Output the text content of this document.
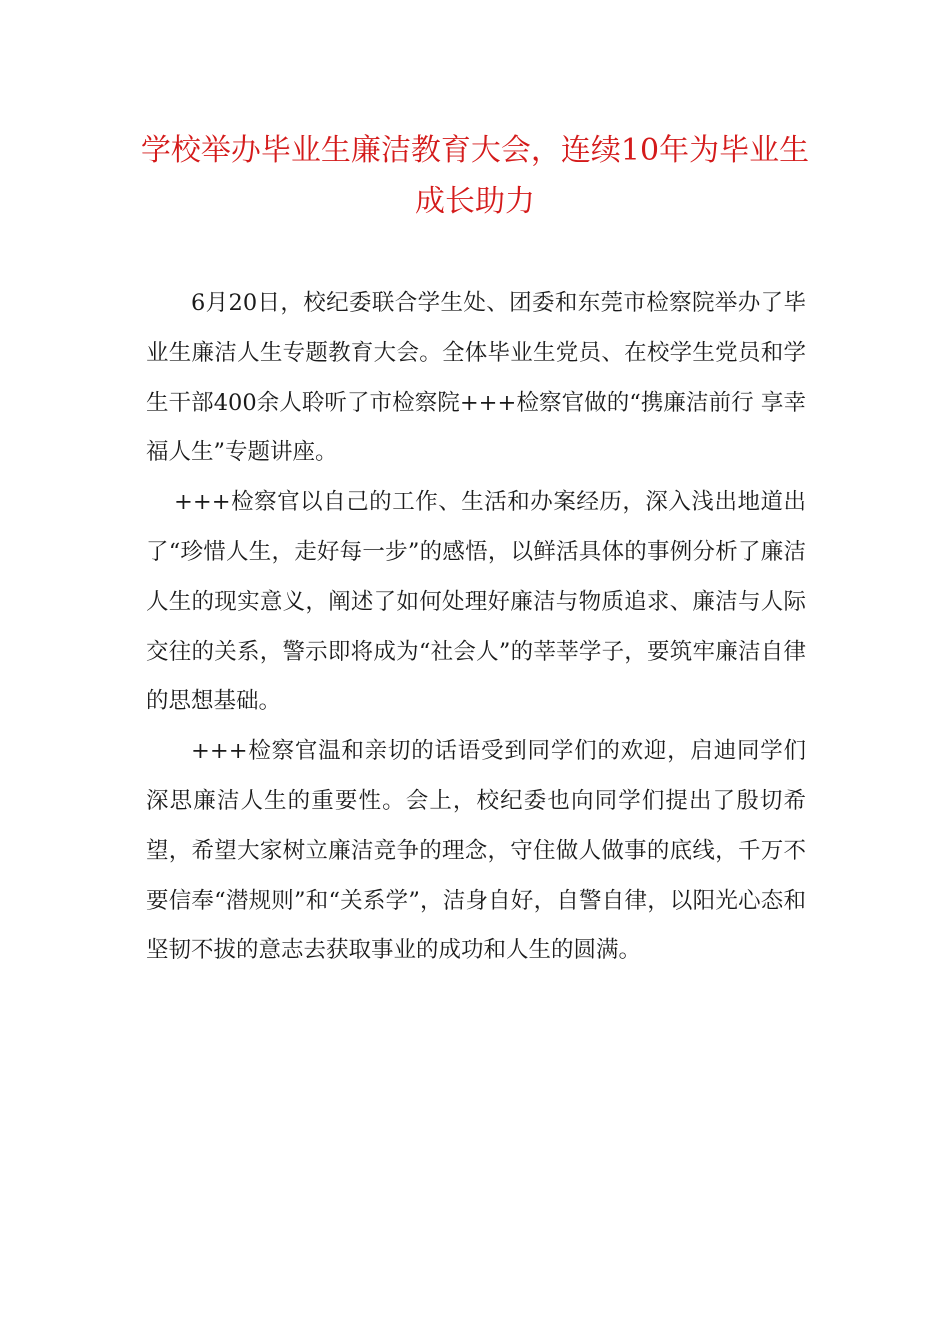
学校举办毕业生廉洁教育大会，连续10年为毕业生成长助力

6月20日，校纪委联合学生处、团委和东莞市检察院举办了毕业生廉洁人生专题教育大会。全体毕业生党员、在校学生党员和学生干部400余人聆听了市检察院+++检察官做的“携廉洁前行 享幸福人生”专题讲座。

+++检察官以自己的工作、生活和办案经历，深入浅出地道出了“珍惜人生，走好每一步”的感悟，以鲜活具体的事例分析了廉洁人生的现实意义，阐述了如何处理好廉洁与物质追求、廉洁与人际交往的关系，警示即将成为“社会人”的莘莘学子，要筑牢廉洁自律的思想基础。

+++检察官温和亲切的话语受到同学们的欢迎，启迪同学们深思廉洁人生的重要性。会上，校纪委也向同学们提出了殷切希望，希望大家树立廉洁竞争的理念，守住做人做事的底线，千万不要信奉“潜规则”和“关系学”，洁身自好，自警自律，以阳光心态和坚韧不拔的意志去获取事业的成功和人生的圆满。
